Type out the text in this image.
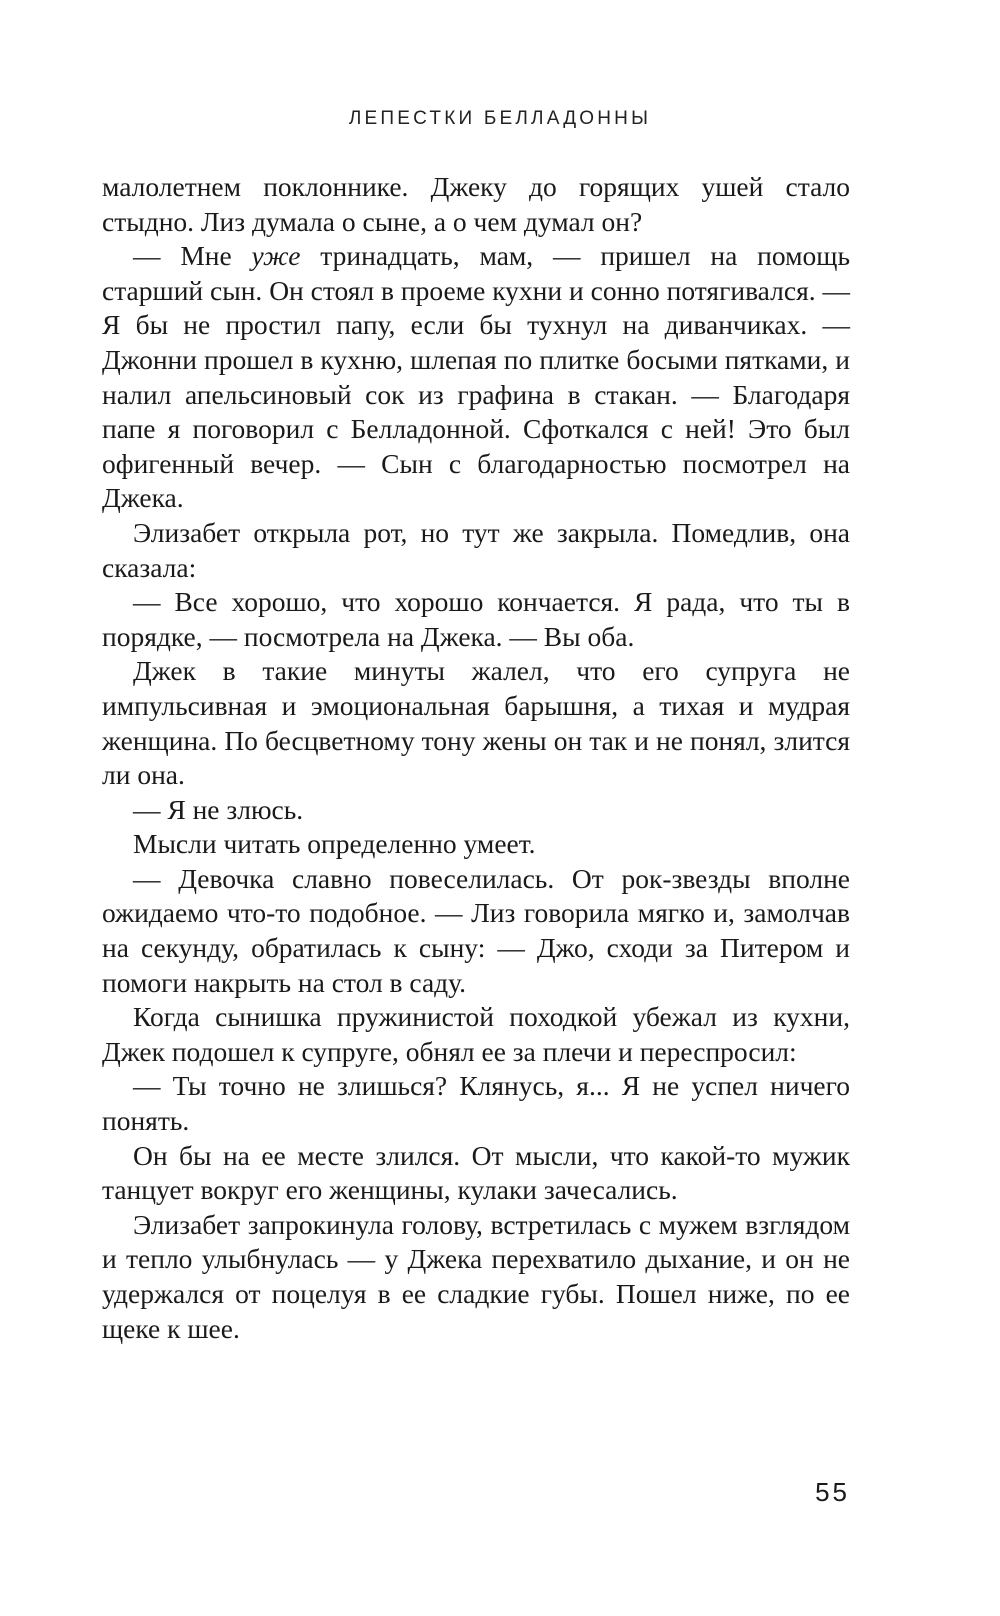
ЛЕПЕСТКИ БЕЛЛАДОННЫ

малолетнем поклоннике. Джеку до горящих ушей стало стыдно. Лиз думала о сыне, а о чем думал он?

— Мне уже тринадцать, мам, — пришел на помощь старший сын. Он стоял в проеме кухни и сонно потягивался. — Я бы не простил папу, если бы тухнул на диванчиках. — Джонни прошел в кухню, шлепая по плитке босыми пятками, и налил апельсиновый сок из графина в стакан. — Благодаря папе я поговорил с Белладонной. Сфоткался с ней! Это был офигенный вечер. — Сын с благодарностью посмотрел на Джека.

Элизабет открыла рот, но тут же закрыла. Помедлив, она сказала:

— Все хорошо, что хорошо кончается. Я рада, что ты в порядке, — посмотрела на Джека. — Вы оба.

Джек в такие минуты жалел, что его супруга не импульсивная и эмоциональная барышня, а тихая и мудрая женщина. По бесцветному тону жены он так и не понял, злится ли она.

— Я не злюсь.

Мысли читать определенно умеет.

— Девочка славно повеселилась. От рок-звезды вполне ожидаемо что-то подобное. — Лиз говорила мягко и, замолчав на секунду, обратилась к сыну: — Джо, сходи за Питером и помоги накрыть на стол в саду.

Когда сынишка пружинистой походкой убежал из кухни, Джек подошел к супруге, обнял ее за плечи и переспросил:

— Ты точно не злишься? Клянусь, я... Я не успел ничего понять.

Он бы на ее месте злился. От мысли, что какой-то мужик танцует вокруг его женщины, кулаки зачесались.

Элизабет запрокинула голову, встретилась с мужем взглядом и тепло улыбнулась — у Джека перехватило дыхание, и он не удержался от поцелуя в ее сладкие губы. Пошел ниже, по ее щеке к шее.

55
